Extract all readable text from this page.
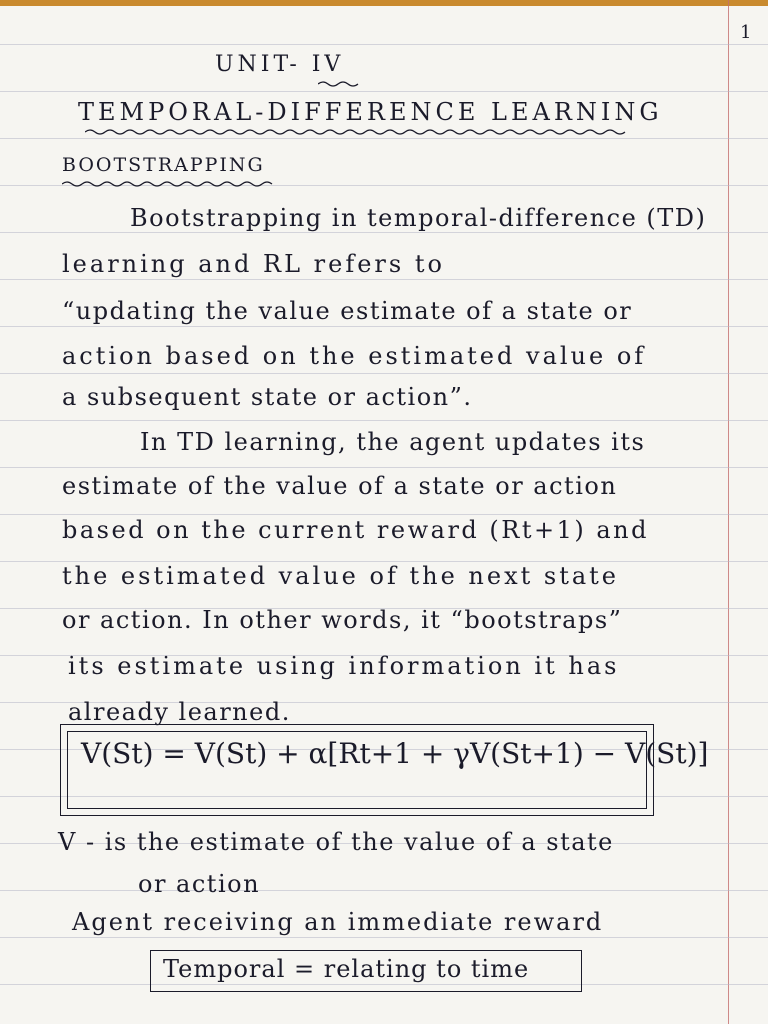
1
UNIT- IV
TEMPORAL-DIFFERENCE LEARNING
BOOTSTRAPPING
Bootstrapping in temporal-difference (TD)
learning and RL refers to
“updating the value estimate of a state or
action based on the estimated value of
a subsequent state or action”.
In TD learning, the agent updates its
estimate of the value of a state or action
based on the current reward (Rt+1) and
the estimated value of the next state
or action. In other words, it “bootstraps”
its estimate using information it has
already learned.
V(St) = V(St) + α[Rt+1 + γV(St+1) − V(St)]
V - is the estimate of the value of a state
or action
Agent receiving an immediate reward
Temporal = relating to time
